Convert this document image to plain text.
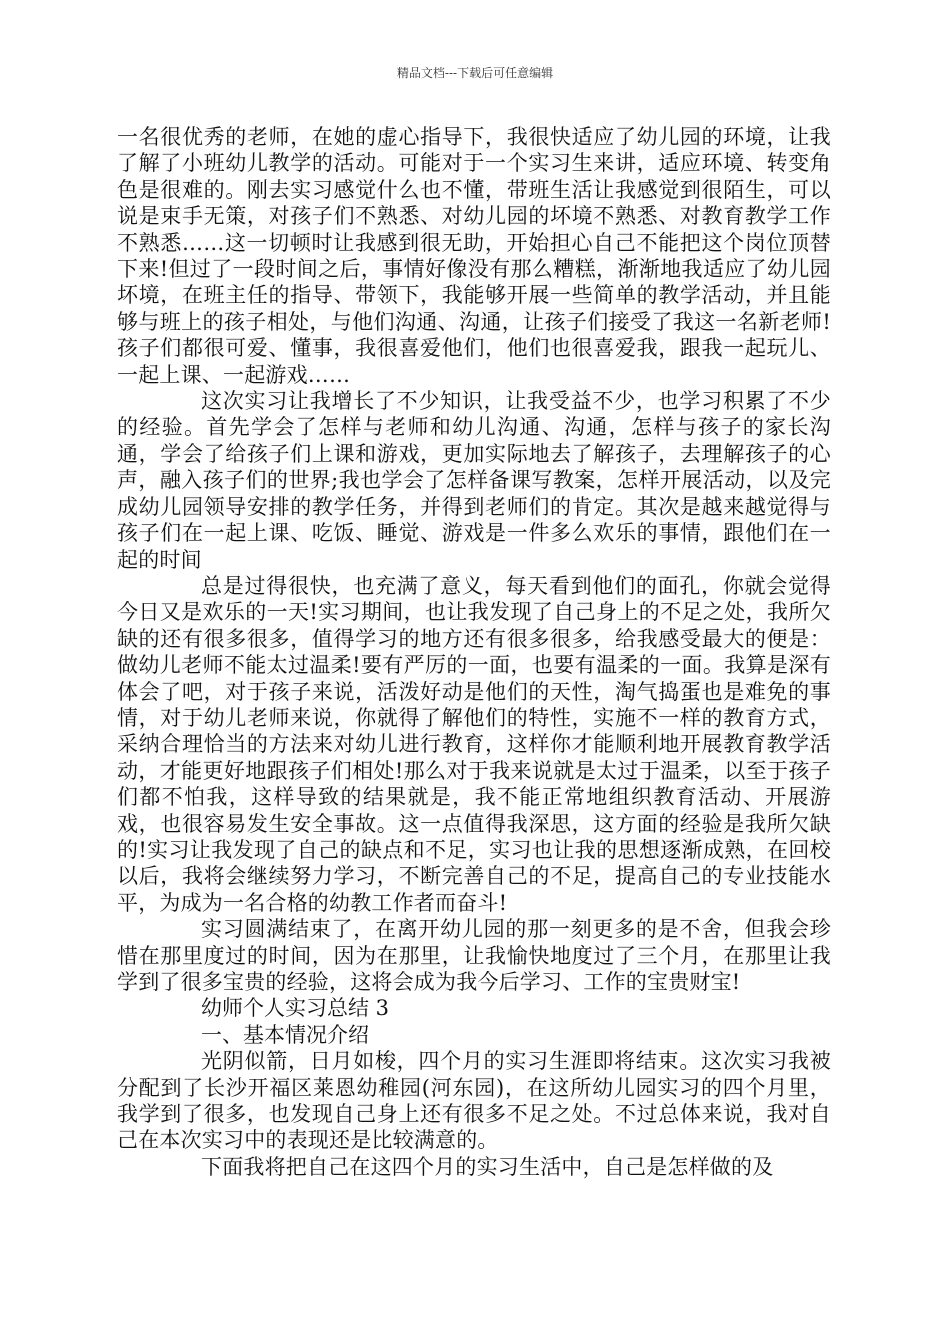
精品文档---下载后可任意编辑

一名很优秀的老师，在她的虚心指导下，我很快适应了幼儿园的环境，让我了解了小班幼儿教学的活动。可能对于一个实习生来讲，适应环境、转变角色是很难的。刚去实习感觉什么也不懂，带班生活让我感觉到很陌生，可以说是束手无策，对孩子们不熟悉、对幼儿园的坏境不熟悉、对教育教学工作不熟悉……这一切顿时让我感到很无助，开始担心自己不能把这个岗位顶替下来!但过了一段时间之后，事情好像没有那么糟糕，渐渐地我适应了幼儿园坏境，在班主任的指导、带领下，我能够开展一些简单的教学活动，并且能够与班上的孩子相处，与他们沟通、沟通，让孩子们接受了我这一名新老师!孩子们都很可爱、懂事，我很喜爱他们，他们也很喜爱我，跟我一起玩儿、一起上课、一起游戏……

这次实习让我增长了不少知识，让我受益不少，也学习积累了不少的经验。首先学会了怎样与老师和幼儿沟通、沟通，怎样与孩子的家长沟通，学会了给孩子们上课和游戏，更加实际地去了解孩子，去理解孩子的心声，融入孩子们的世界;我也学会了怎样备课写教案，怎样开展活动，以及完成幼儿园领导安排的教学任务，并得到老师们的肯定。其次是越来越觉得与孩子们在一起上课、吃饭、睡觉、游戏是一件多么欢乐的事情，跟他们在一起的时间

总是过得很快，也充满了意义，每天看到他们的面孔，你就会觉得今日又是欢乐的一天!实习期间，也让我发现了自己身上的不足之处，我所欠缺的还有很多很多，值得学习的地方还有很多很多，给我感受最大的便是：做幼儿老师不能太过温柔!要有严厉的一面，也要有温柔的一面。我算是深有体会了吧，对于孩子来说，活泼好动是他们的天性，淘气捣蛋也是难免的事情，对于幼儿老师来说，你就得了解他们的特性，实施不一样的教育方式，采纳合理恰当的方法来对幼儿进行教育，这样你才能顺利地开展教育教学活动，才能更好地跟孩子们相处!那么对于我来说就是太过于温柔，以至于孩子们都不怕我，这样导致的结果就是，我不能正常地组织教育活动、开展游戏，也很容易发生安全事故。这一点值得我深思，这方面的经验是我所欠缺的!实习让我发现了自己的缺点和不足，实习也让我的思想逐渐成熟，在回校以后，我将会继续努力学习，不断完善自己的不足，提高自己的专业技能水平，为成为一名合格的幼教工作者而奋斗!

实习圆满结束了，在离开幼儿园的那一刻更多的是不舍，但我会珍惜在那里度过的时间，因为在那里，让我愉快地度过了三个月，在那里让我学到了很多宝贵的经验，这将会成为我今后学习、工作的宝贵财宝!

幼师个人实习总结 3

一、基本情况介绍

光阴似箭，日月如梭，四个月的实习生涯即将结束。这次实习我被分配到了长沙开福区莱恩幼稚园(河东园)，在这所幼儿园实习的四个月里，我学到了很多，也发现自己身上还有很多不足之处。不过总体来说，我对自己在本次实习中的表现还是比较满意的。

下面我将把自己在这四个月的实习生活中，自己是怎样做的及
